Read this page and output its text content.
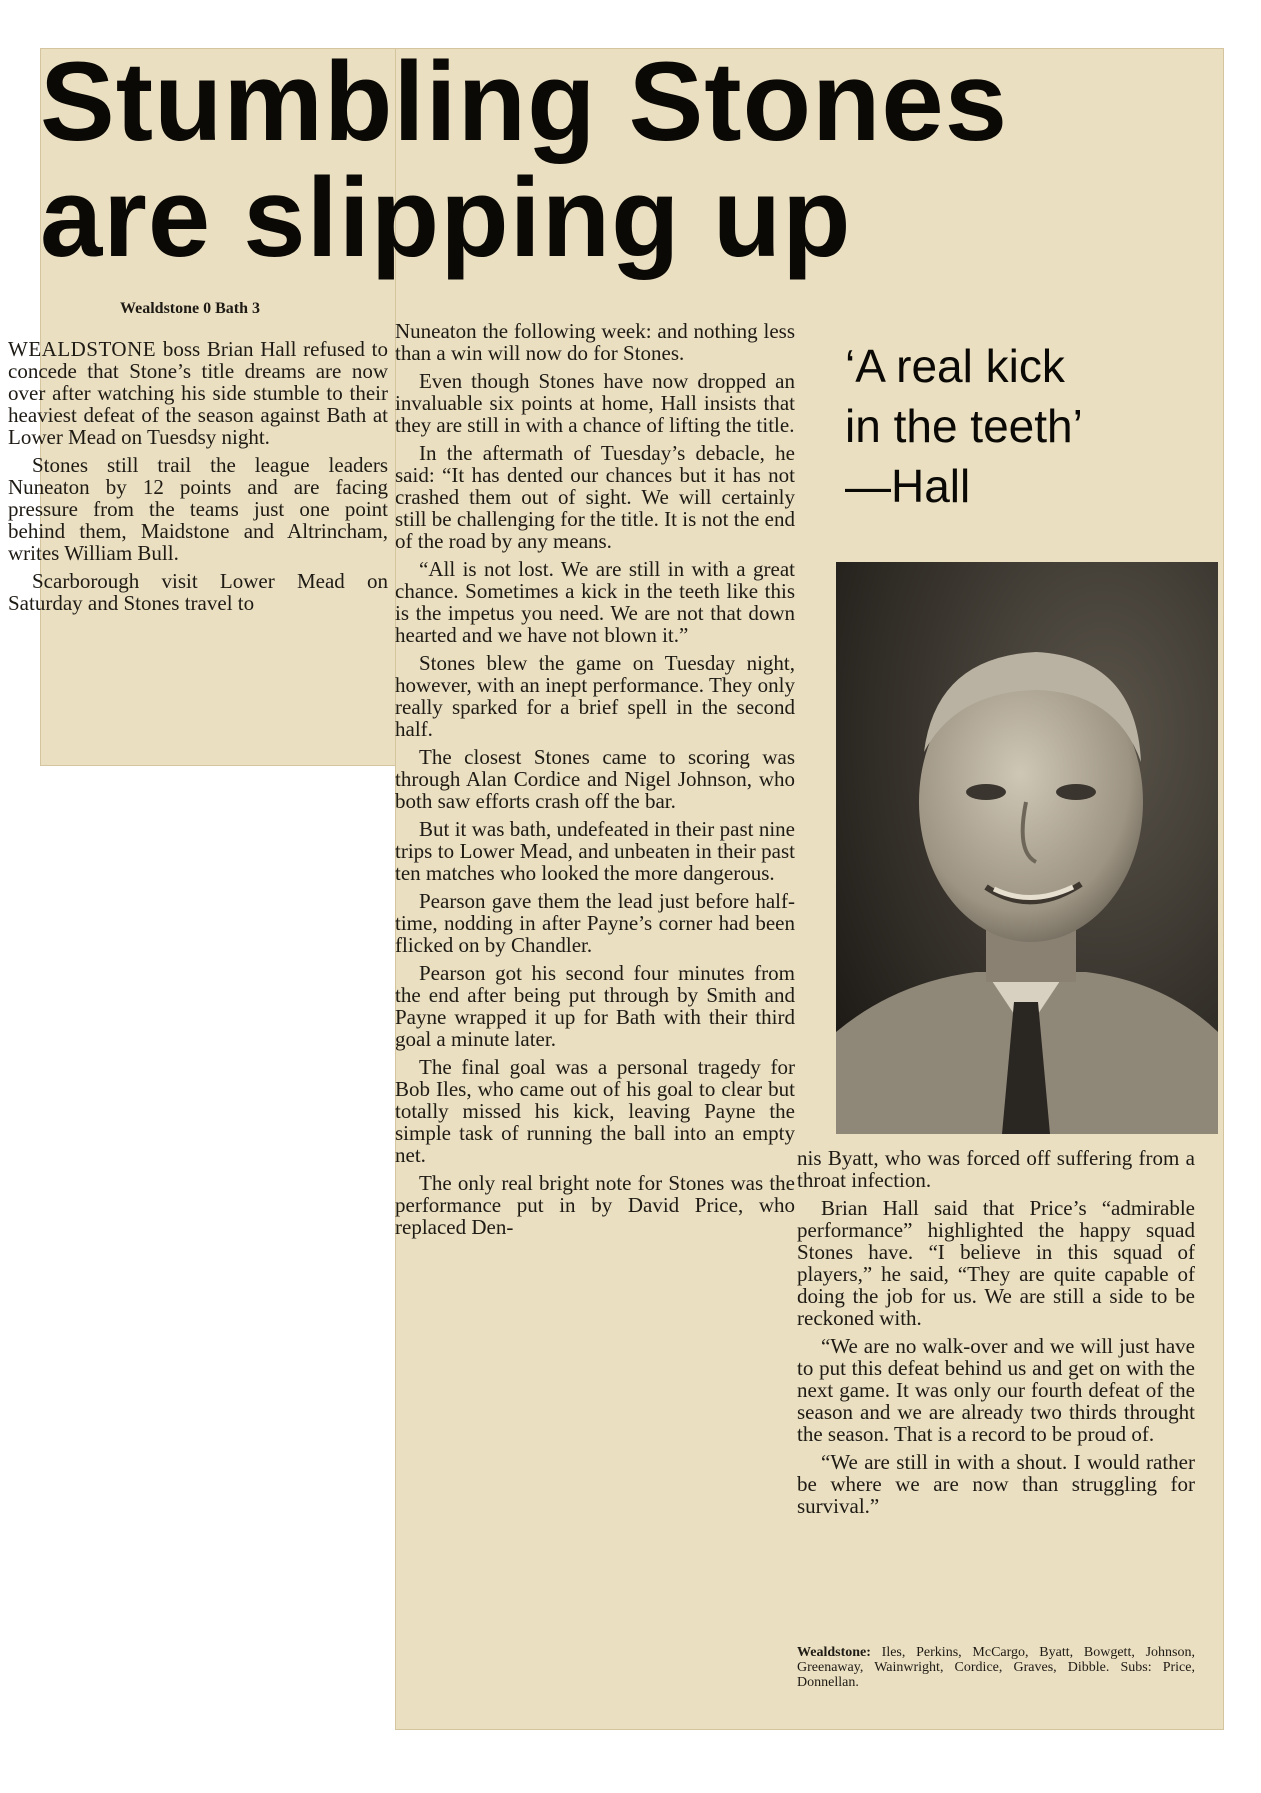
Stumbling Stones
are slipping up
Wealdstone 0 Bath 3

WEALDSTONE boss Brian Hall refused to concede that Stone’s title dreams are now over after watching his side stumble to their heaviest defeat of the season against Bath at Lower Mead on Tuesdsy night.

Stones still trail the league leaders Nuneaton by 12 points and are facing pressure from the teams just one point behind them, Maidstone and Altrincham, writes William Bull.

Scarborough visit Lower Mead on Saturday and Stones travel to

Nuneaton the following week: and nothing less than a win will now do for Stones.

Even though Stones have now dropped an invaluable six points at home, Hall insists that they are still in with a chance of lifting the title.

In the aftermath of Tuesday’s debacle, he said: “It has dented our chances but it has not crashed them out of sight. We will certainly still be challenging for the title. It is not the end of the road by any means.

“All is not lost. We are still in with a great chance. Sometimes a kick in the teeth like this is the impetus you need. We are not that down hearted and we have not blown it.”

Stones blew the game on Tuesday night, however, with an inept performance. They only really sparked for a brief spell in the second half.

The closest Stones came to scoring was through Alan Cordice and Nigel Johnson, who both saw efforts crash off the bar.

But it was bath, undefeated in their past nine trips to Lower Mead, and unbeaten in their past ten matches who looked the more dangerous.

Pearson gave them the lead just before half-time, nodding in after Payne’s corner had been flicked on by Chandler.

Pearson got his second four minutes from the end after being put through by Smith and Payne wrapped it up for Bath with their third goal a minute later.

The final goal was a personal tragedy for Bob Iles, who came out of his goal to clear but totally missed his kick, leaving Payne the simple task of running the ball into an empty net.

The only real bright note for Stones was the performance put in by David Price, who replaced Den-

‘A real kick
in the teeth’
—Hall

nis Byatt, who was forced off suffering from a throat infection.

Brian Hall said that Price’s “admirable performance” highlighted the happy squad Stones have. “I believe in this squad of players,” he said, “They are quite capable of doing the job for us. We are still a side to be reckoned with.

“We are no walk-over and we will just have to put this defeat behind us and get on with the next game. It was only our fourth defeat of the season and we are already two thirds throught the season. That is a record to be proud of.

“We are still in with a shout. I would rather be where we are now than struggling for survival.”

Wealdstone: Iles, Perkins, McCargo, Byatt, Bowgett, Johnson, Greenaway, Wainwright, Cordice, Graves, Dibble. Subs: Price, Donnellan.
